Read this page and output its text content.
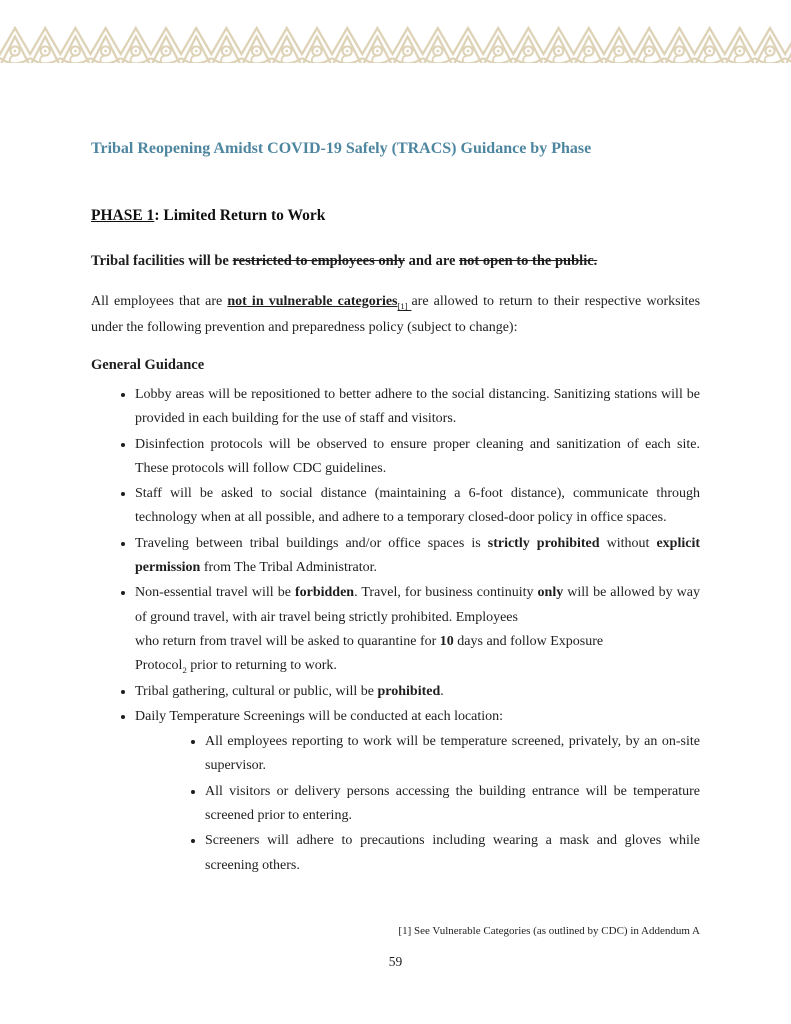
Tribal Reopening Amidst COVID-19 Safely (TRACS) Guidance by Phase
PHASE 1: Limited Return to Work

Tribal facilities will be restricted to employees only and are not open to the public.

All employees that are not in vulnerable categories$_{[1]}$ are allowed to return to their respective worksites under the following prevention and preparedness policy (subject to change):

General Guidance
• Lobby areas will be repositioned to better adhere to the social distancing. Sanitizing stations will be provided in each building for the use of staff and visitors.
• Disinfection protocols will be observed to ensure proper cleaning and sanitization of each site. These protocols will follow CDC guidelines.
• Staff will be asked to social distance (maintaining a 6-foot distance), communicate through technology when at all possible, and adhere to a temporary closed-door policy in office spaces.
• Traveling between tribal buildings and/or office spaces is strictly prohibited without explicit permission from The Tribal Administrator.
• Non-essential travel will be forbidden. Travel, for business continuity only will be allowed by way of ground travel, with air travel being strictly prohibited. Employees
who return from travel will be asked to quarantine for 10 days and follow Exposure
Protocol$_2$ prior to returning to work.
• Tribal gathering, cultural or public, will be prohibited.
• Daily Temperature Screenings will be conducted at each location:
• All employees reporting to work will be temperature screened, privately, by an on-site supervisor.
• All visitors or delivery persons accessing the building entrance will be temperature screened prior to entering.
• Screeners will adhere to precautions including wearing a mask and gloves while screening others.
[1] See Vulnerable Categories (as outlined by CDC) in Addendum A
59
